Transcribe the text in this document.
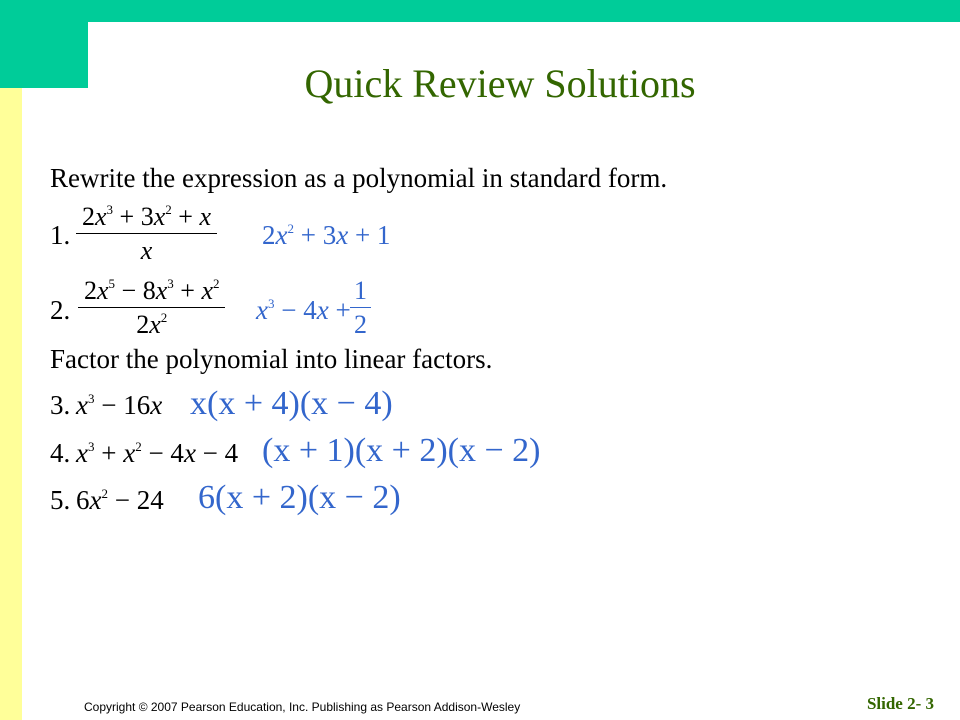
Quick Review Solutions
Rewrite the expression as a polynomial in standard form.
1.
$2x^3 + 3x^2 + x$
x
$2x^2 + 3x + 1$
2.
$2x^5 - 8x^3 + x^2$
$2x^2$	$x^3 - 4x$ +
1
2
Factor the polynomial into linear factors.
3. $x^3 - 16x$ x(x + 4)(x − 4)
4. $x^3 + x^2 - 4x - 4$ (x + 1)(x + 2)(x − 2)
5. $6x^2 - 24$ 6(x + 2)(x − 2)
Copyright © 2007 Pearson Education, Inc. Publishing as Pearson Addison-Wesley	Slide 2- 3
